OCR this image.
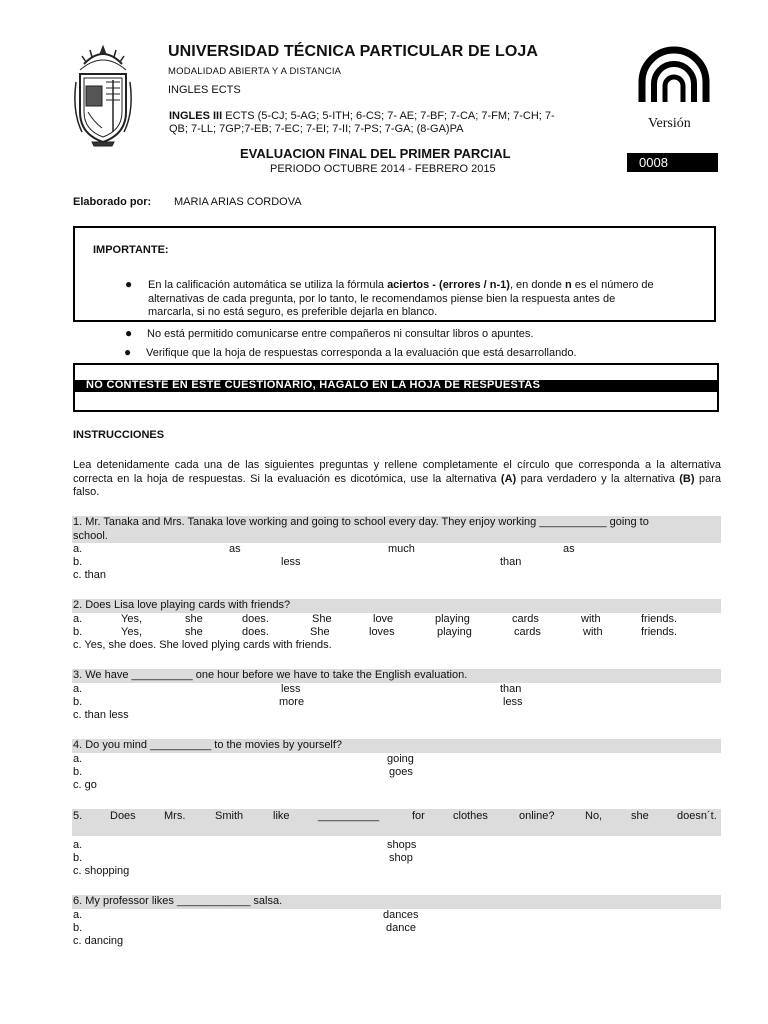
UNIVERSIDAD TÉCNICA PARTICULAR DE LOJA
MODALIDAD ABIERTA Y A DISTANCIA
INGLES ECTS
INGLES III ECTS (5-CJ; 5-AG; 5-ITH; 6-CS; 7- AE; 7-BF; 7-CA; 7-FM; 7-CH; 7-
QB; 7-LL; 7GP;7-EB; 7-EC; 7-EI; 7-II; 7-PS; 7-GA; (8-GA)PA	Versión
EVALUACION FINAL DEL PRIMER PARCIAL
PERIODO OCTUBRE 2014 - FEBRERO 2015	0008
Elaborado por: MARIA ARIAS CORDOVA
IMPORTANTE:
● En la calificación automática se utiliza la fórmula aciertos - (errores / n-1), en donde n es el número de
alternativas de cada pregunta, por lo tanto, le recomendamos piense bien la respuesta antes de
marcarla, si no está seguro, es preferible dejarla en blanco.
● No está permitido comunicarse entre compañeros ni consultar libros o apuntes.
● Verifique que la hoja de respuestas corresponda a la evaluación que está desarrollando.
NO CONTESTE EN ESTE CUESTIONARIO, HAGALO EN LA HOJA DE RESPUESTAS
INSTRUCCIONES
Lea detenidamente cada una de las siguientes preguntas y rellene completamente el círculo que corresponda a la alternativa correcta en la hoja de respuestas. Si la evaluación es dicotómica, use la alternativa (A) para verdadero y la alternativa (B) para falso.
1. Mr. Tanaka and Mrs. Tanaka love working and going to school every day. They enjoy working ___________ going to
school.
a.	as	much	as
b.	less	than
c. than
2. Does Lisa love playing cards with friends?
a.	Yes,	she	does.	She	love	playing	cards	with	friends.
b.	Yes,	she	does.	She	loves	playing	cards	with	friends.
c. Yes, she does. She loved plying cards with friends.
3. We have __________ one hour before we have to take the English evaluation.
a.	less	than
b.	more	less
c. than less
4. Do you mind __________ to the movies by yourself?
a.	going
b.	goes
c. go
5.	Does	Mrs.	Smith	like	__________	for	clothes	online?	No,	she	doesn´t.
a.	shops
b.	shop
c. shopping
6. My professor likes ____________ salsa.
a.	dances
b.	dance
c. dancing
